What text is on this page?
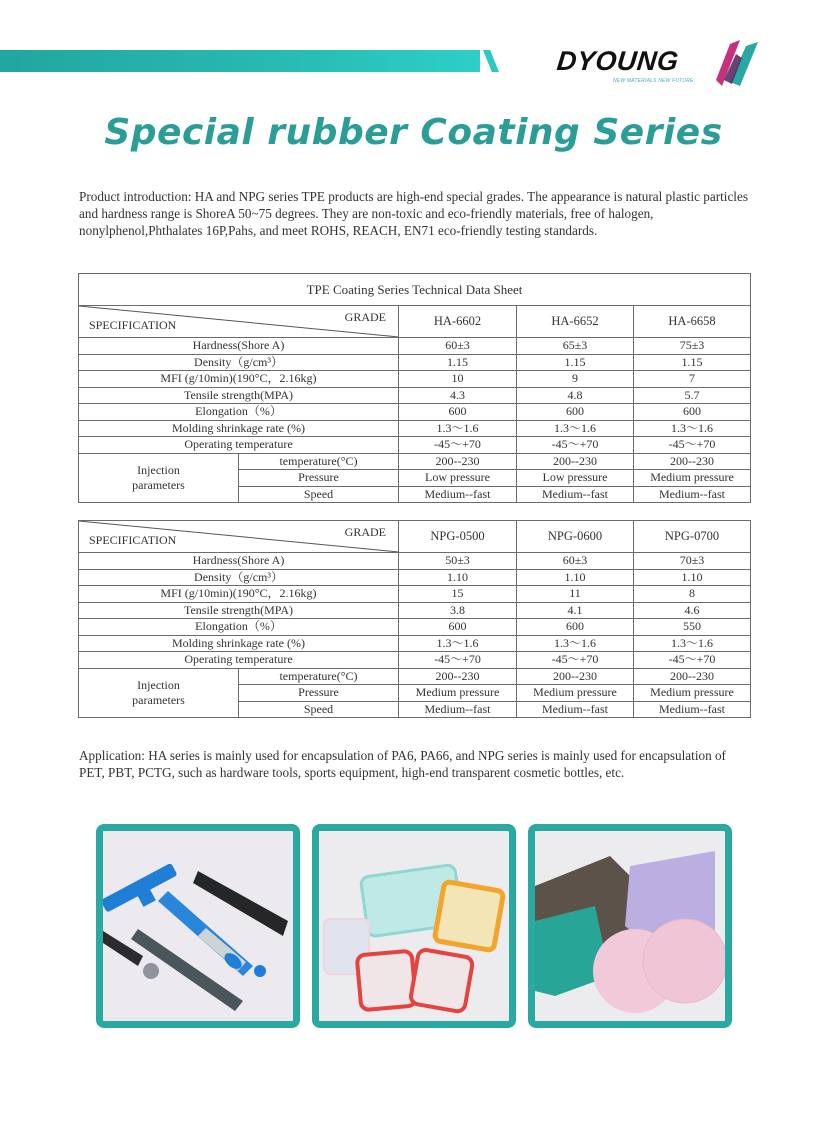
DYOUNG
NEW MATERIALS NEW FUTURE
Special rubber Coating Series
Product introduction: HA and NPG series TPE products are high-end special grades. The appearance is natural plastic particles and hardness range is ShoreA 50~75 degrees. They are non-toxic and eco-friendly materials, free of halogen, nonylphenol,Phthalates 16P,Pahs, and meet ROHS, REACH, EN71 eco-friendly testing standards.
TPE Coating Series Technical Data Sheet				

GRADE
SPECIFICATION		HA-6602	HA-6652	HA-6658
Hardness(Shore A)		60±3	65±3	75±3
Density（g/cm³）		1.15	1.15	1.15
MFI (g/10min)(190°C，2.16kg)		10	9	7
Tensile strength(MPA)		4.3	4.8	5.7
Elongation（%）		600	600	600
Molding shrinkage rate (%)		1.3～1.6	1.3～1.6	1.3～1.6
Operating temperature		-45～+70	-45～+70	-45～+70
Injection
parameters	temperature(°C)	200--230	200--230	200--230
	Pressure	Low pressure	Low pressure	Medium pressure
	Speed	Medium--fast	Medium--fast	Medium--fast
GRADE
SPECIFICATION		NPG-0500	NPG-0600	NPG-0700
Hardness(Shore A)		50±3	60±3	70±3
Density（g/cm³）		1.10	1.10	1.10
MFI (g/10min)(190°C，2.16kg)		15	11	8
Tensile strength(MPA)		3.8	4.1	4.6
Elongation（%）		600	600	550
Molding shrinkage rate (%)		1.3～1.6	1.3～1.6	1.3～1.6
Operating temperature		-45～+70	-45～+70	-45～+70
Injection
parameters	temperature(°C)	200--230	200--230	200--230
	Pressure	Medium pressure	Medium pressure	Medium pressure
	Speed	Medium--fast	Medium--fast	Medium--fast
Application: HA series is mainly used for encapsulation of PA6, PA66, and NPG series is mainly used for encapsulation of PET, PBT, PCTG, such as hardware tools, sports equipment, high-end transparent cosmetic bottles, etc.
